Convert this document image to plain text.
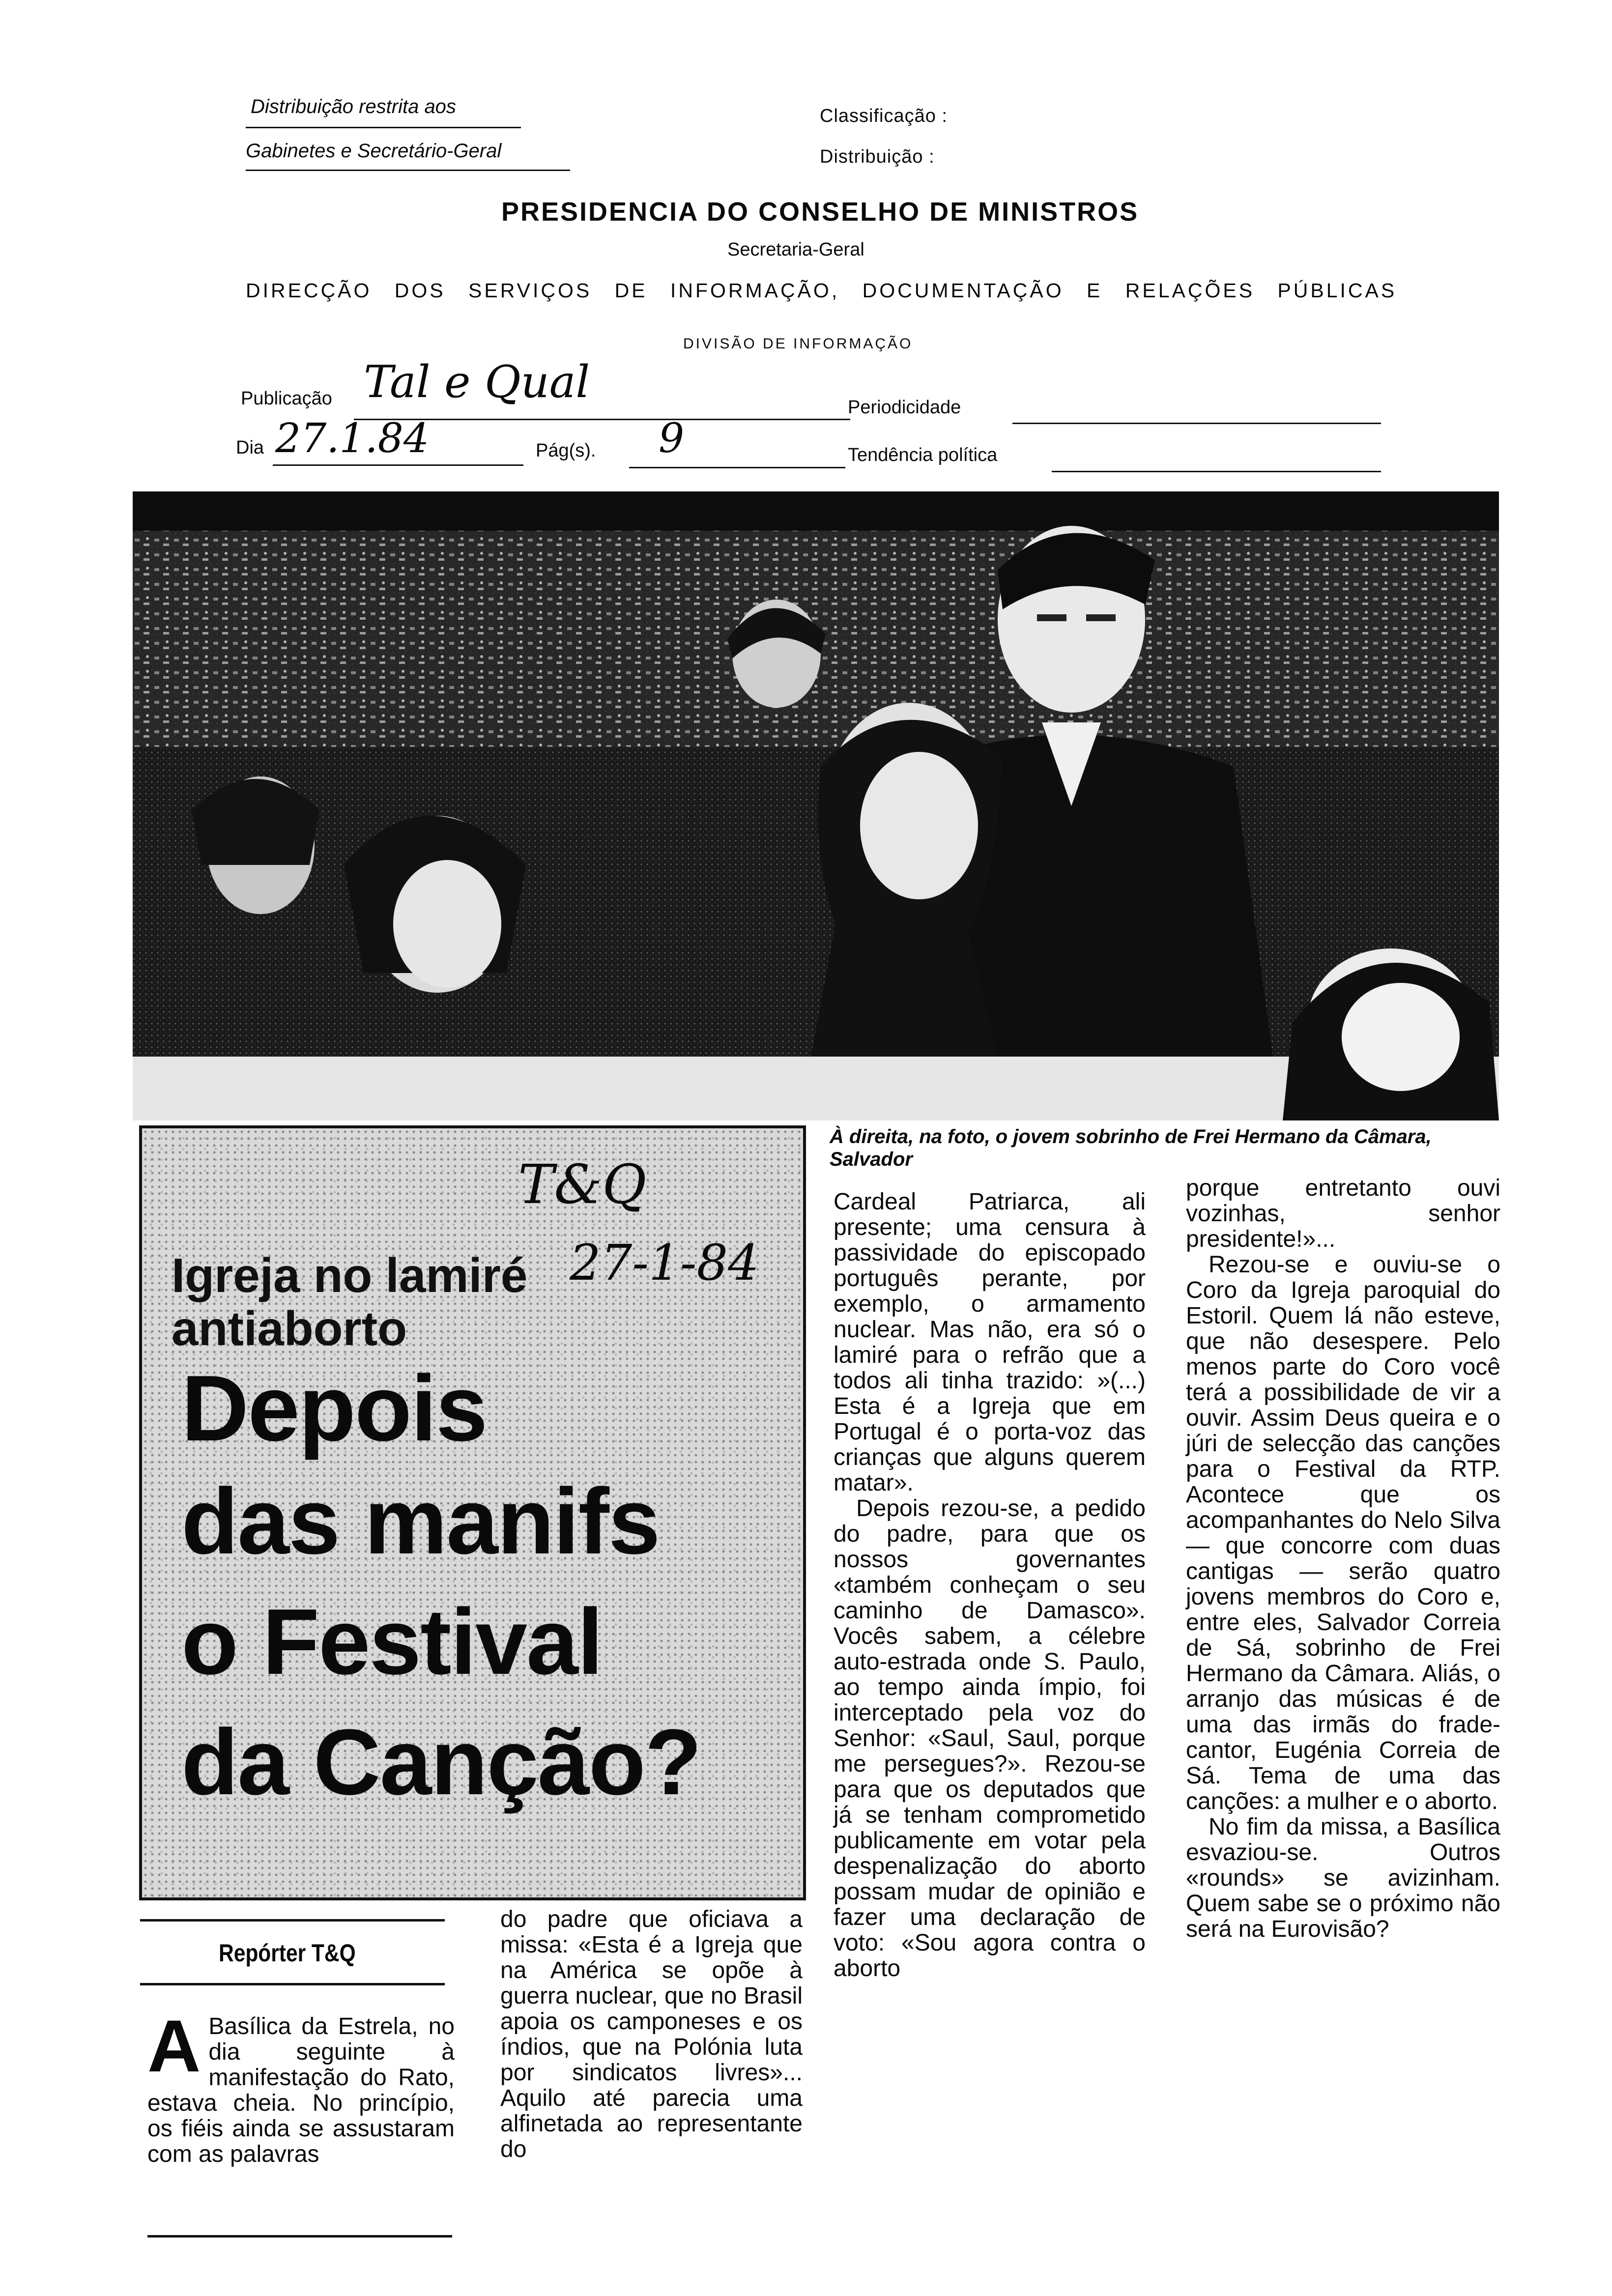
Distribuição restrita aos
Gabinetes e Secretário-Geral
Classificação :
Distribuição :
PRESIDENCIA DO CONSELHO DE MINISTROS
Secretaria-Geral
DIRECÇÃO DOS SERVIÇOS DE INFORMAÇÃO, DOCUMENTAÇÃO E RELAÇÕES PÚBLICAS
DIVISÃO DE INFORMAÇÃO
Publicação Tal e Qual	Periodicidade
Dia 27.1.84	Pág(s). 9	Tendência política
À direita, na foto, o jovem sobrinho de Frei Hermano da Câmara, Salvador
T&Q
27-1-84
Igreja no lamiré antiaborto
Depois
das manifs
o Festival
da Canção?
Repórter T&Q
A Basílica da Estrela, no dia seguinte à manifestação do Rato, estava cheia. No princípio, os fiéis ainda se assustaram com as palavras

do padre que oficiava a missa: «Esta é a Igreja que na América se opõe à guerra nuclear, que no Brasil apoia os camponeses e os índios, que na Polónia luta por sindicatos livres»... Aquilo até parecia uma alfinetada ao representante do

Cardeal Patriarca, ali presente; uma censura à passividade do episcopado português perante, por exemplo, o armamento nuclear. Mas não, era só o lamiré para o refrão que a todos ali tinha trazido: »(...) Esta é a Igreja que em Portugal é o porta-voz das crianças que alguns querem matar».

Depois rezou-se, a pedido do padre, para que os nossos governantes «também conheçam o seu caminho de Damasco». Vocês sabem, a célebre auto-estrada onde S. Paulo, ao tempo ainda ímpio, foi interceptado pela voz do Senhor: «Saul, Saul, porque me persegues?». Rezou-se para que os deputados que já se tenham comprometido publicamente em votar pela despenalização do aborto possam mudar de opinião e fazer uma declaração de voto: «Sou agora contra o aborto

porque entretanto ouvi vozinhas, senhor presidente!»...

Rezou-se e ouviu-se o Coro da Igreja paroquial do Estoril. Quem lá não esteve, que não desespere. Pelo menos parte do Coro você terá a possibilidade de vir a ouvir. Assim Deus queira e o júri de selecção das canções para o Festival da RTP. Acontece que os acompanhantes do Nelo Silva — que concorre com duas cantigas — serão quatro jovens membros do Coro e, entre eles, Salvador Correia de Sá, sobrinho de Frei Hermano da Câmara. Aliás, o arranjo das músicas é de uma das irmãs do frade-cantor, Eugénia Correia de Sá. Tema de uma das canções: a mulher e o aborto.

No fim da missa, a Basílica esvaziou-se. Outros «rounds» se avizinham. Quem sabe se o próximo não será na Eurovisão?
